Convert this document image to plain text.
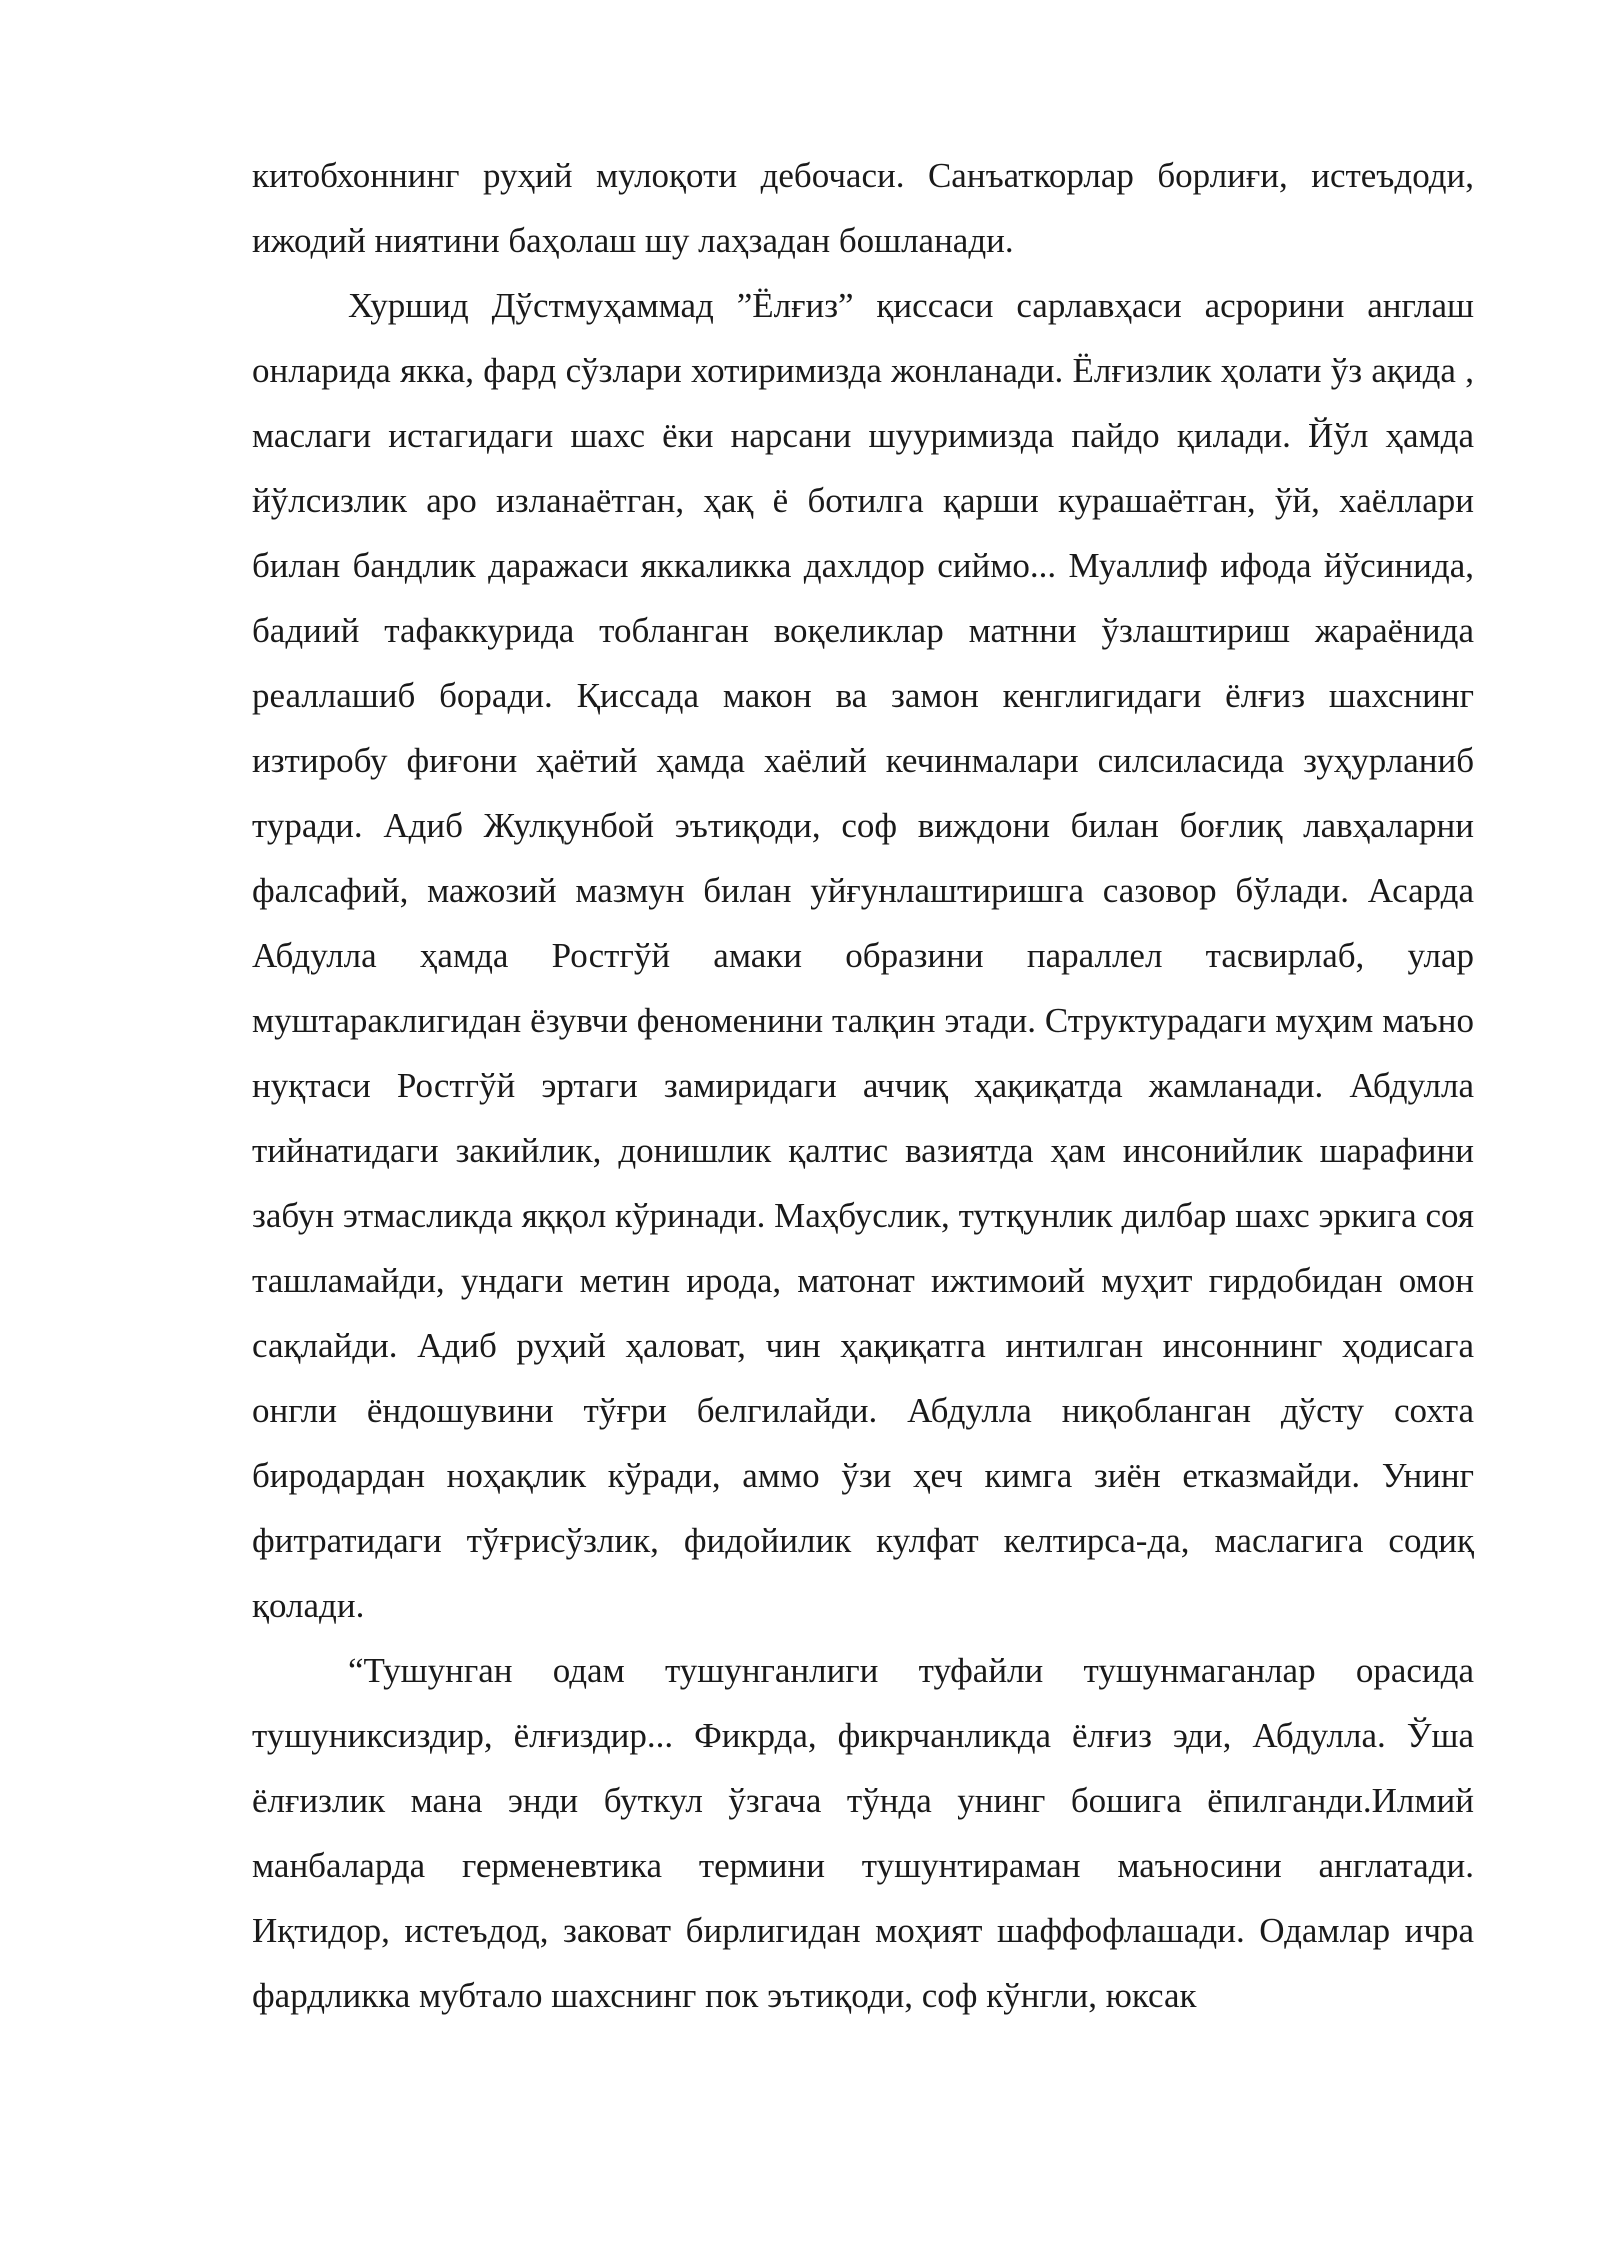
китобхоннинг руҳий мулоқоти дебочаси. Санъаткорлар борлиғи, истеъдоди, ижодий ниятини баҳолаш шу лаҳзадан бошланади.

Хуршид Дўстмуҳаммад ”Ёлғиз” қиссаси сарлавҳаси асрорини англаш онларида якка, фард сўзлари хотиримизда жонланади. Ёлғизлик ҳолати ўз ақида , маслаги истагидаги шахс ёки нарсани шууримизда пайдо қилади. Йўл ҳамда йўлсизлик аро изланаётган, ҳақ ё ботилга қарши курашаётган, ўй, хаёллари билан бандлик даражаси яккаликка дахлдор сиймо... Муаллиф ифода йўсинида, бадиий тафаккурида тобланган воқеликлар матнни ўзлаштириш жараёнида реаллашиб боради. Қиссада макон ва замон кенглигидаги ёлғиз шахснинг изтиробу фиғони ҳаётий ҳамда хаёлий кечинмалари силсиласида зуҳурланиб туради. Адиб Жулқунбой эътиқоди, соф виждони билан боғлиқ лавҳаларни фалсафий, мажозий мазмун билан уйғунлаштиришга сазовор бўлади. Асарда Абдулла ҳамда Ростгўй амаки образини параллел тасвирлаб, улар муштараклигидан ёзувчи феноменини талқин этади. Структурадаги муҳим маъно нуқтаси Ростгўй эртаги замиридаги аччиқ ҳақиқатда жамланади. Абдулла тийнатидаги закийлик, донишлик қалтис вазиятда ҳам инсонийлик шарафини забун этмасликда яққол кўринади. Маҳбуслик, тутқунлик дилбар шахс эркига соя ташламайди, ундаги метин ирода, матонат ижтимоий муҳит гирдобидан омон сақлайди. Адиб руҳий ҳаловат, чин ҳақиқатга интилган инсоннинг ҳодисага онгли ёндошувини тўғри белгилайди. Абдулла ниқобланган дўсту сохта биродардан ноҳақлик кўради, аммо ўзи ҳеч кимга зиён етказмайди. Унинг фитратидаги тўғрисўзлик, фидойилик кулфат келтирса-да, маслагига содиқ қолади.

“Тушунган одам тушунганлиги туфайли тушунмаганлар орасида тушуниксиздир, ёлғиздир... Фикрда, фикрчанликда ёлғиз эди, Абдулла. Ўша ёлғизлик мана энди буткул ўзгача тўнда унинг бошига ёпилганди.Илмий манбаларда герменевтика термини тушунтираман маъносини англатади. Иқтидор, истеъдод, заковат бирлигидан моҳият шаффофлашади. Одамлар ичра фардликка мубтало шахснинг пок эътиқоди, соф кўнгли, юксак
